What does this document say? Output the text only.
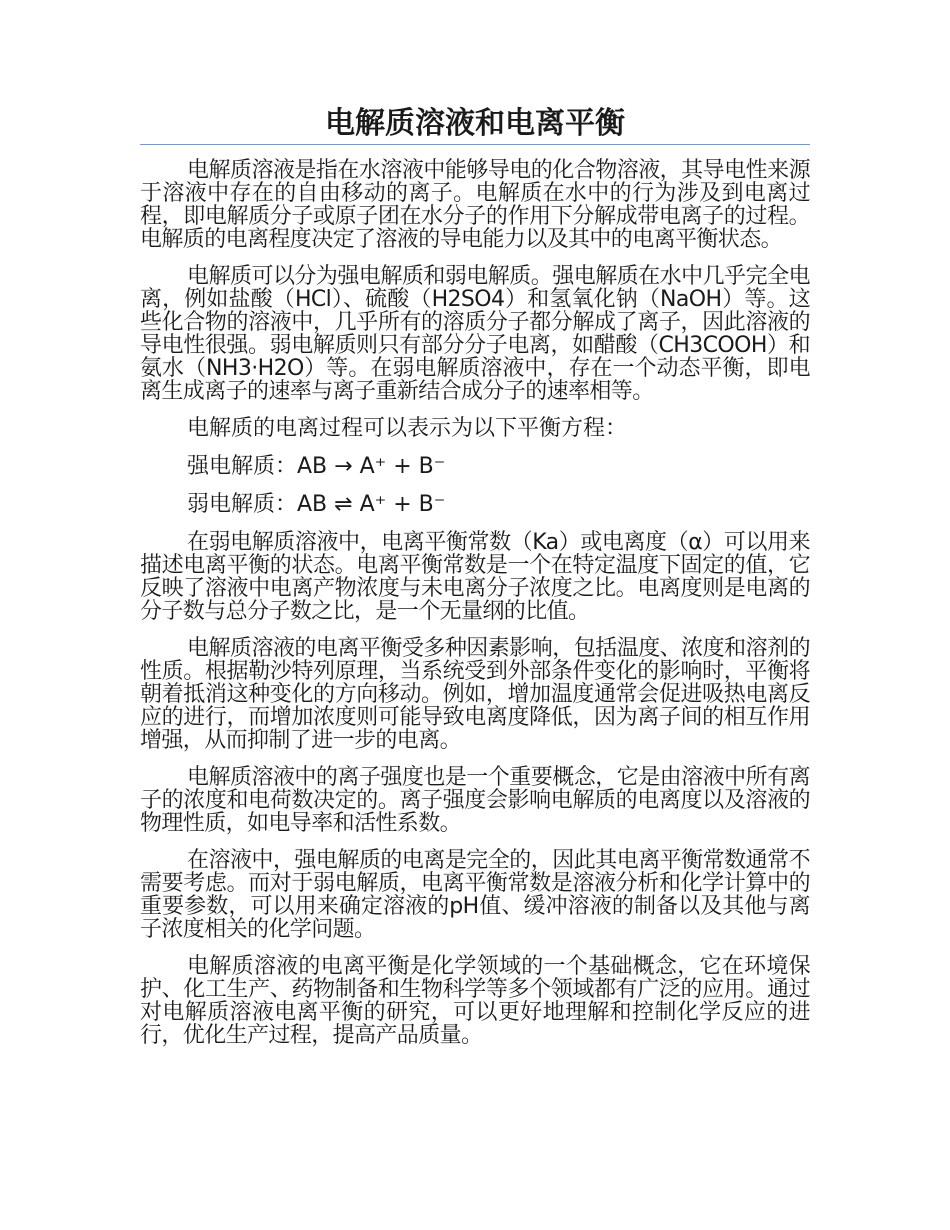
电解质溶液和电离平衡

电解质溶液是指在水溶液中能够导电的化合物溶液，其导电性来源于溶液中存在的自由移动的离子。电解质在水中的行为涉及到电离过程，即电解质分子或原子团在水分子的作用下分解成带电离子的过程。电解质的电离程度决定了溶液的导电能力以及其中的电离平衡状态。

电解质可以分为强电解质和弱电解质。强电解质在水中几乎完全电离，例如盐酸（HCl）、硫酸（H2SO4）和氢氧化钠（NaOH）等。这些化合物的溶液中，几乎所有的溶质分子都分解成了离子，因此溶液的导电性很强。弱电解质则只有部分分子电离，如醋酸（CH3COOH）和氨水（NH3·H2O）等。在弱电解质溶液中，存在一个动态平衡，即电离生成离子的速率与离子重新结合成分子的速率相等。

电解质的电离过程可以表示为以下平衡方程：

强电解质：AB → A⁺ + B⁻

弱电解质：AB ⇌ A⁺ + B⁻

在弱电解质溶液中，电离平衡常数（Ka）或电离度（α）可以用来描述电离平衡的状态。电离平衡常数是一个在特定温度下固定的值，它反映了溶液中电离产物浓度与未电离分子浓度之比。电离度则是电离的分子数与总分子数之比，是一个无量纲的比值。

电解质溶液的电离平衡受多种因素影响，包括温度、浓度和溶剂的性质。根据勒沙特列原理，当系统受到外部条件变化的影响时，平衡将朝着抵消这种变化的方向移动。例如，增加温度通常会促进吸热电离反应的进行，而增加浓度则可能导致电离度降低，因为离子间的相互作用增强，从而抑制了进一步的电离。

电解质溶液中的离子强度也是一个重要概念，它是由溶液中所有离子的浓度和电荷数决定的。离子强度会影响电解质的电离度以及溶液的物理性质，如电导率和活性系数。

在溶液中，强电解质的电离是完全的，因此其电离平衡常数通常不需要考虑。而对于弱电解质，电离平衡常数是溶液分析和化学计算中的重要参数，可以用来确定溶液的pH值、缓冲溶液的制备以及其他与离子浓度相关的化学问题。

电解质溶液的电离平衡是化学领域的一个基础概念，它在环境保护、化工生产、药物制备和生物科学等多个领域都有广泛的应用。通过对电解质溶液电离平衡的研究，可以更好地理解和控制化学反应的进行，优化生产过程，提高产品质量。
